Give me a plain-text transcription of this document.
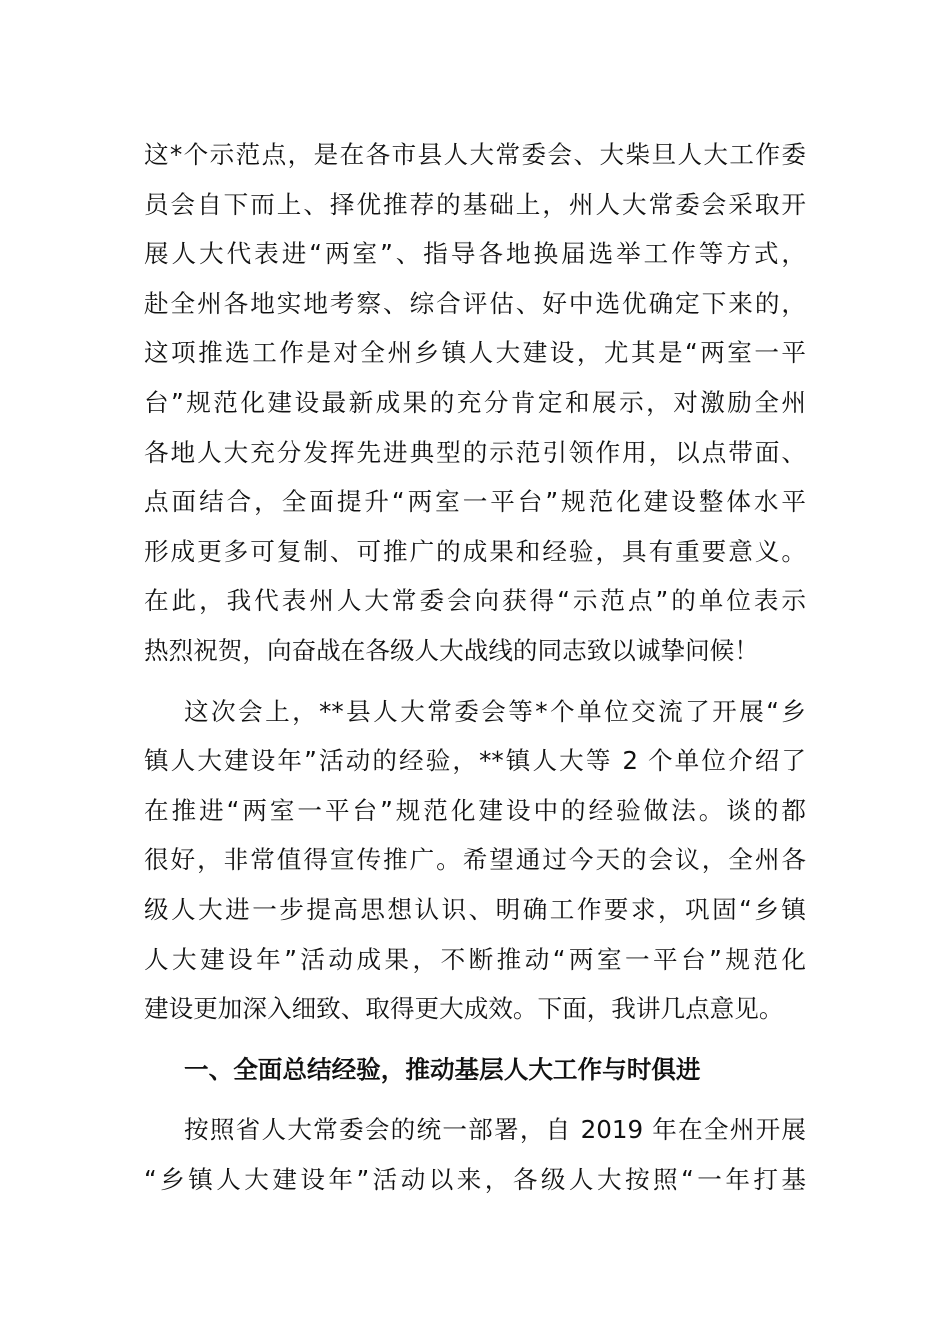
这*个示范点，是在各市县人大常委会、大柴旦人大工作委
员会自下而上、择优推荐的基础上，州人大常委会采取开
展人大代表进“两室”、指导各地换届选举工作等方式，
赴全州各地实地考察、综合评估、好中选优确定下来的，
这项推选工作是对全州乡镇人大建设，尤其是“两室一平
台”规范化建设最新成果的充分肯定和展示，对激励全州
各地人大充分发挥先进典型的示范引领作用，以点带面、
点面结合，全面提升“两室一平台”规范化建设整体水平
形成更多可复制、可推广的成果和经验，具有重要意义。
在此，我代表州人大常委会向获得“示范点”的单位表示
热烈祝贺，向奋战在各级人大战线的同志致以诚挚问候！
这次会上，**县人大常委会等*个单位交流了开展“乡
镇人大建设年”活动的经验，**镇人大等 2 个单位介绍了
在推进“两室一平台”规范化建设中的经验做法。谈的都
很好，非常值得宣传推广。希望通过今天的会议，全州各
级人大进一步提高思想认识、明确工作要求，巩固“乡镇
人大建设年”活动成果，不断推动“两室一平台”规范化
建设更加深入细致、取得更大成效。下面，我讲几点意见。
一、全面总结经验，推动基层人大工作与时俱进
按照省人大常委会的统一部署，自 2019 年在全州开展
“乡镇人大建设年”活动以来，各级人大按照“一年打基
